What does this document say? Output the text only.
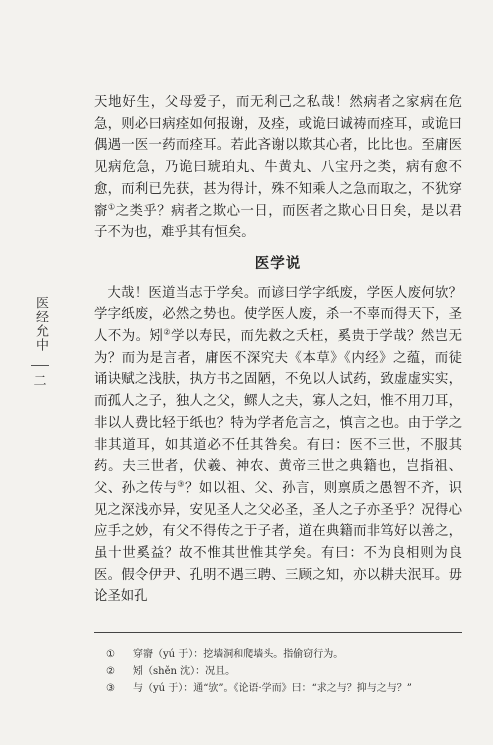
医经允中
二

天地好生，父母爱子，而无利己之私哉！然病者之家病在危急，则必曰病痊如何报谢，及痊，或诡曰诚祷而痊耳，或诡曰偶遇一医一药而痊耳。若此吝谢以欺其心者，比比也。至庸医见病危急，乃诡曰琥珀丸、牛黄丸、八宝丹之类，病有愈不愈，而利已先获，甚为得计，殊不知乘人之急而取之，不犹穿窬①之类乎？病者之欺心一日，而医者之欺心日日矣，是以君子不为也，难乎其有恒矣。

医学说

大哉！医道当志于学矣。而谚曰学字纸废，学医人废何欤？学字纸废，必然之势也。使学医人废，杀一不辜而得天下，圣人不为。矧②学以寿民，而先救之夭枉，奚贵于学哉？然岂无为？而为是言者，庸医不深究夫《本草》《内经》之蕴，而徒诵诀赋之浅肤，执方书之固陋，不免以人试药，致虚虚实实，而孤人之子，独人之父，鳏人之夫，寡人之妇，惟不用刀耳，非以人费比轻于纸也？特为学者危言之，慎言之也。由于学之非其道耳，如其道必不任其咎矣。有曰：医不三世，不服其药。夫三世者，伏羲、神农、黄帝三世之典籍也，岂指祖、父、孙之传与③？如以祖、父、孙言，则禀质之愚智不齐，识见之深浅亦异，安见圣人之父必圣，圣人之子亦圣乎？况得心应手之妙，有父不得传之于子者，道在典籍而非笃好以善之，虽十世奚益？故不惟其世惟其学矣。有曰：不为良相则为良医。假令伊尹、孔明不遇三聘、三顾之知，亦以耕夫泯耳。毋论圣如孔

① 穿窬（yú 于）：挖墙洞和爬墙头。指偷窃行为。
② 矧（shěn 沈）：况且。
③ 与（yú 于）：通“欤”。《论语·学而》曰：“求之与？抑与之与？”
